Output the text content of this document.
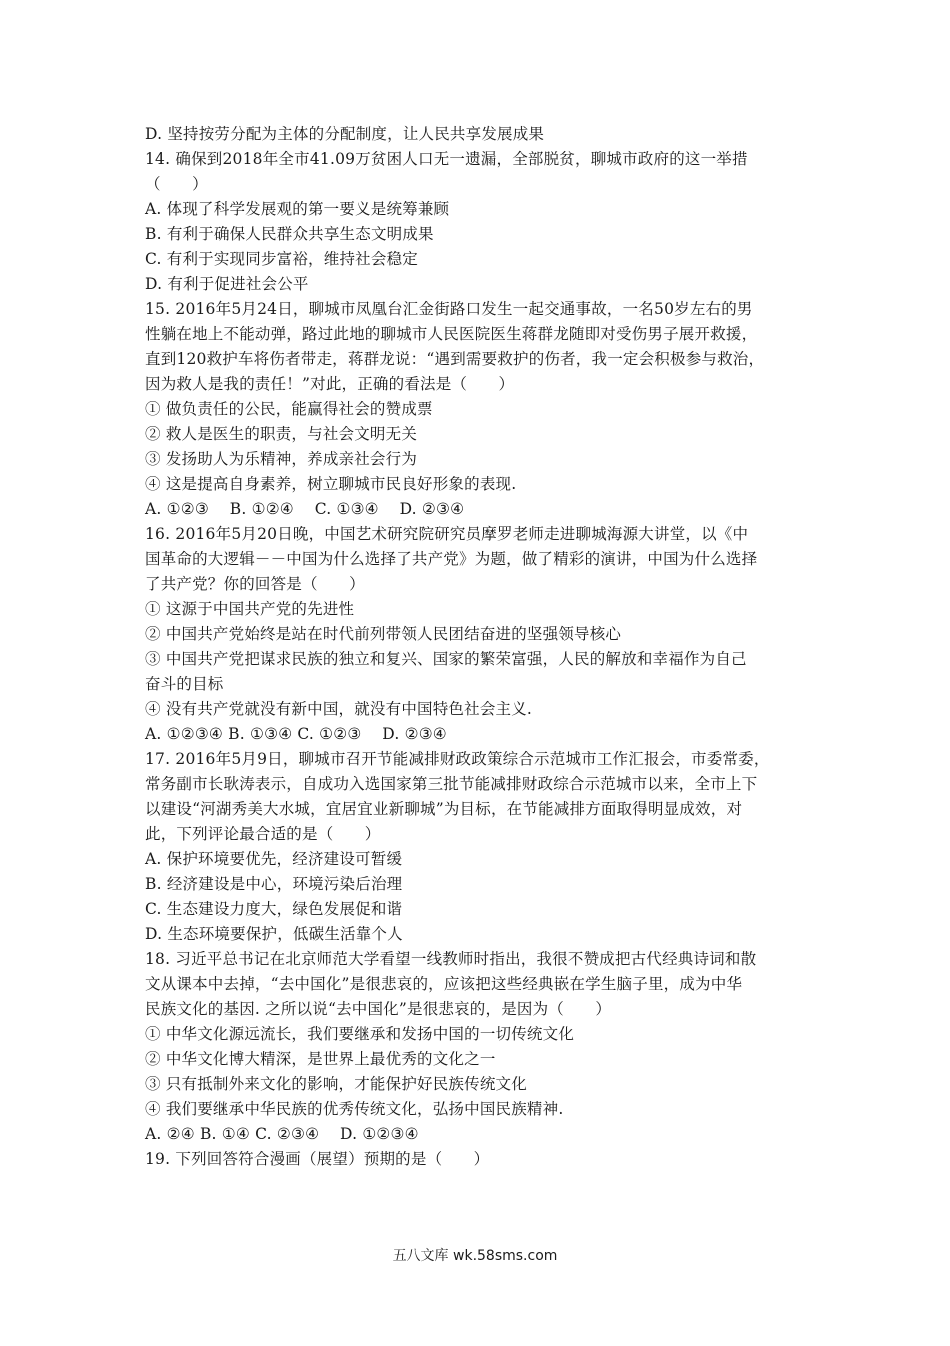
D. 坚持按劳分配为主体的分配制度，让人民共享发展成果
14. 确保到2018年全市41.09万贫困人口无一遗漏，全部脱贫，聊城市政府的这一举措
（　　）
A. 体现了科学发展观的第一要义是统筹兼顾
B. 有利于确保人民群众共享生态文明成果
C. 有利于实现同步富裕，维持社会稳定
D. 有利于促进社会公平
15. 2016年5月24日，聊城市凤凰台汇金街路口发生一起交通事故，一名50岁左右的男
性躺在地上不能动弹，路过此地的聊城市人民医院医生蒋群龙随即对受伤男子展开救援，
直到120救护车将伤者带走，蒋群龙说：“遇到需要救护的伤者，我一定会积极参与救治，
因为救人是我的责任！”对此，正确的看法是（　　）
① 做负责任的公民，能赢得社会的赞成票
② 救人是医生的职责，与社会文明无关
③ 发扬助人为乐精神，养成亲社会行为
④ 这是提高自身素养，树立聊城市民良好形象的表现.
A. ①②③　 B. ①②④　 C. ①③④　 D. ②③④
16. 2016年5月20日晚，中国艺术研究院研究员摩罗老师走进聊城海源大讲堂，以《中
国革命的大逻辑－－中国为什么选择了共产党》为题，做了精彩的演讲，中国为什么选择
了共产党？你的回答是（　　）
① 这源于中国共产党的先进性
② 中国共产党始终是站在时代前列带领人民团结奋进的坚强领导核心
③ 中国共产党把谋求民族的独立和复兴、国家的繁荣富强，人民的解放和幸福作为自己
奋斗的目标
④ 没有共产党就没有新中国，就没有中国特色社会主义.
A. ①②③④ B. ①③④ C. ①②③　 D. ②③④
17. 2016年5月9日，聊城市召开节能减排财政政策综合示范城市工作汇报会，市委常委，
常务副市长耿涛表示，自成功入选国家第三批节能减排财政综合示范城市以来，全市上下
以建设“河湖秀美大水城，宜居宜业新聊城”为目标，在节能减排方面取得明显成效，对
此，下列评论最合适的是（　　）
A. 保护环境要优先，经济建设可暂缓
B. 经济建设是中心，环境污染后治理
C. 生态建设力度大，绿色发展促和谐
D. 生态环境要保护，低碳生活靠个人
18. 习近平总书记在北京师范大学看望一线教师时指出，我很不赞成把古代经典诗词和散
文从课本中去掉，“去中国化”是很悲哀的，应该把这些经典嵌在学生脑子里，成为中华
民族文化的基因. 之所以说“去中国化”是很悲哀的，是因为（　　）
① 中华文化源远流长，我们要继承和发扬中国的一切传统文化
② 中华文化博大精深，是世界上最优秀的文化之一
③ 只有抵制外来文化的影响，才能保护好民族传统文化
④ 我们要继承中华民族的优秀传统文化，弘扬中国民族精神.
A. ②④ B. ①④ C. ②③④　 D. ①②③④
19. 下列回答符合漫画（展望）预期的是（　　）
五八文库 wk.58sms.com
